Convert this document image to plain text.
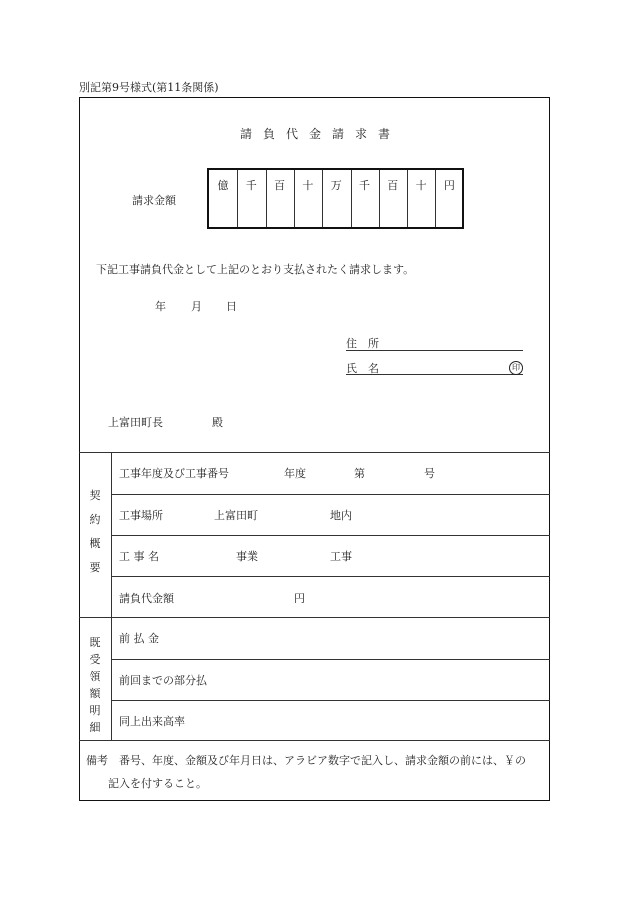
別記第9号様式(第11条関係)
請負代金請求書
請求金額
億	千	百	十	万	千	百	十	円
下記工事請負代金として上記のとおり支払されたく請求します。
年 月 日
住　所
氏　名	印
上富田町長	殿
契
約
概
要
工事年度及び工事番号	年度	第	号
工事場所	上富田町	地内
工 事 名	事業	工事
請負代金額	円
既
受
領
額
明
細
前 払 金
前回までの部分払
同上出来高率
備考 番号、年度、金額及び年月日は、アラビア数字で記入し、請求金額の前には、￥の
記入を付すること。
